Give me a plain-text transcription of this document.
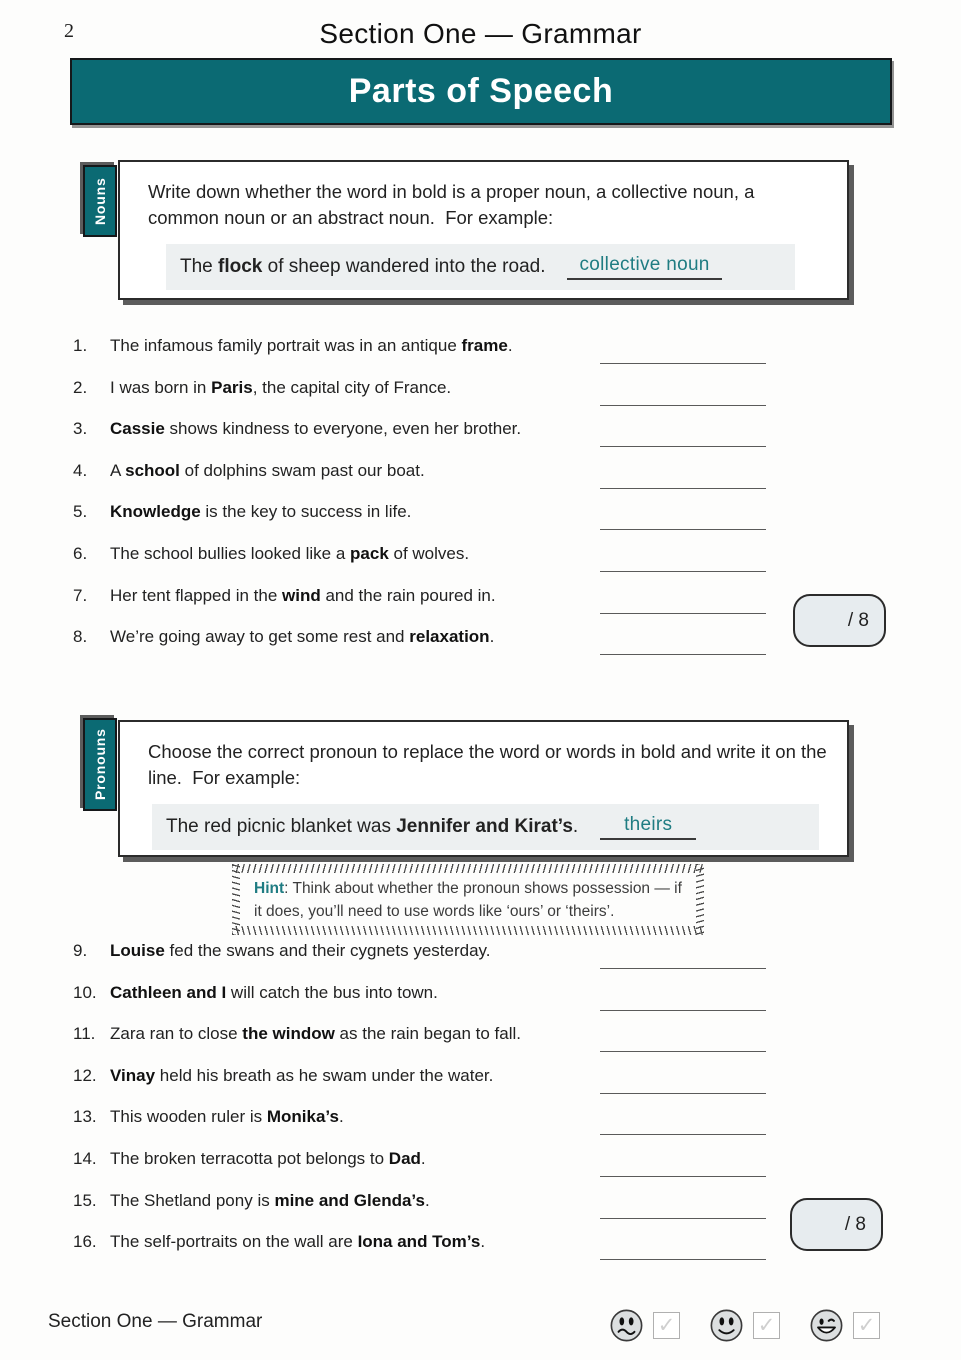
2	Section One — Grammar
Parts of Speech
Write down whether the word in bold is a proper noun, a collective noun, a common noun or an abstract noun.  For example:
The flock of sheep wandered into the road.	collective noun
Nouns
1.	The infamous family portrait was in an antique frame.
2.	I was born in Paris, the capital city of France.
3.	Cassie shows kindness to everyone, even her brother.
4.	A school of dolphins swam past our boat.
5.	Knowledge is the key to success in life.
6.	The school bullies looked like a pack of wolves.
7.	Her tent flapped in the wind and the rain poured in.
8.	We’re going away to get some rest and relaxation.
/ 8
Choose the correct pronoun to replace the word or words in bold and write it on the line.  For example:
The red picnic blanket was Jennifer and Kirat’s.	theirs
Pronouns
Hint: Think about whether the pronoun shows possession — if it does, you’ll need to use words like ‘ours’ or ‘theirs’.
9.	Louise fed the swans and their cygnets yesterday.
10. Cathleen and I will catch the bus into town.
11. Zara ran to close the window as the rain began to fall.
12. Vinay held his breath as he swam under the water.
13. This wooden ruler is Monika’s.
14. The broken terracotta pot belongs to Dad.
15. The Shetland pony is mine and Glenda’s.
16. The self-portraits on the wall are Iona and Tom’s.
/ 8
Section One — Grammar	✓	✓	✓
